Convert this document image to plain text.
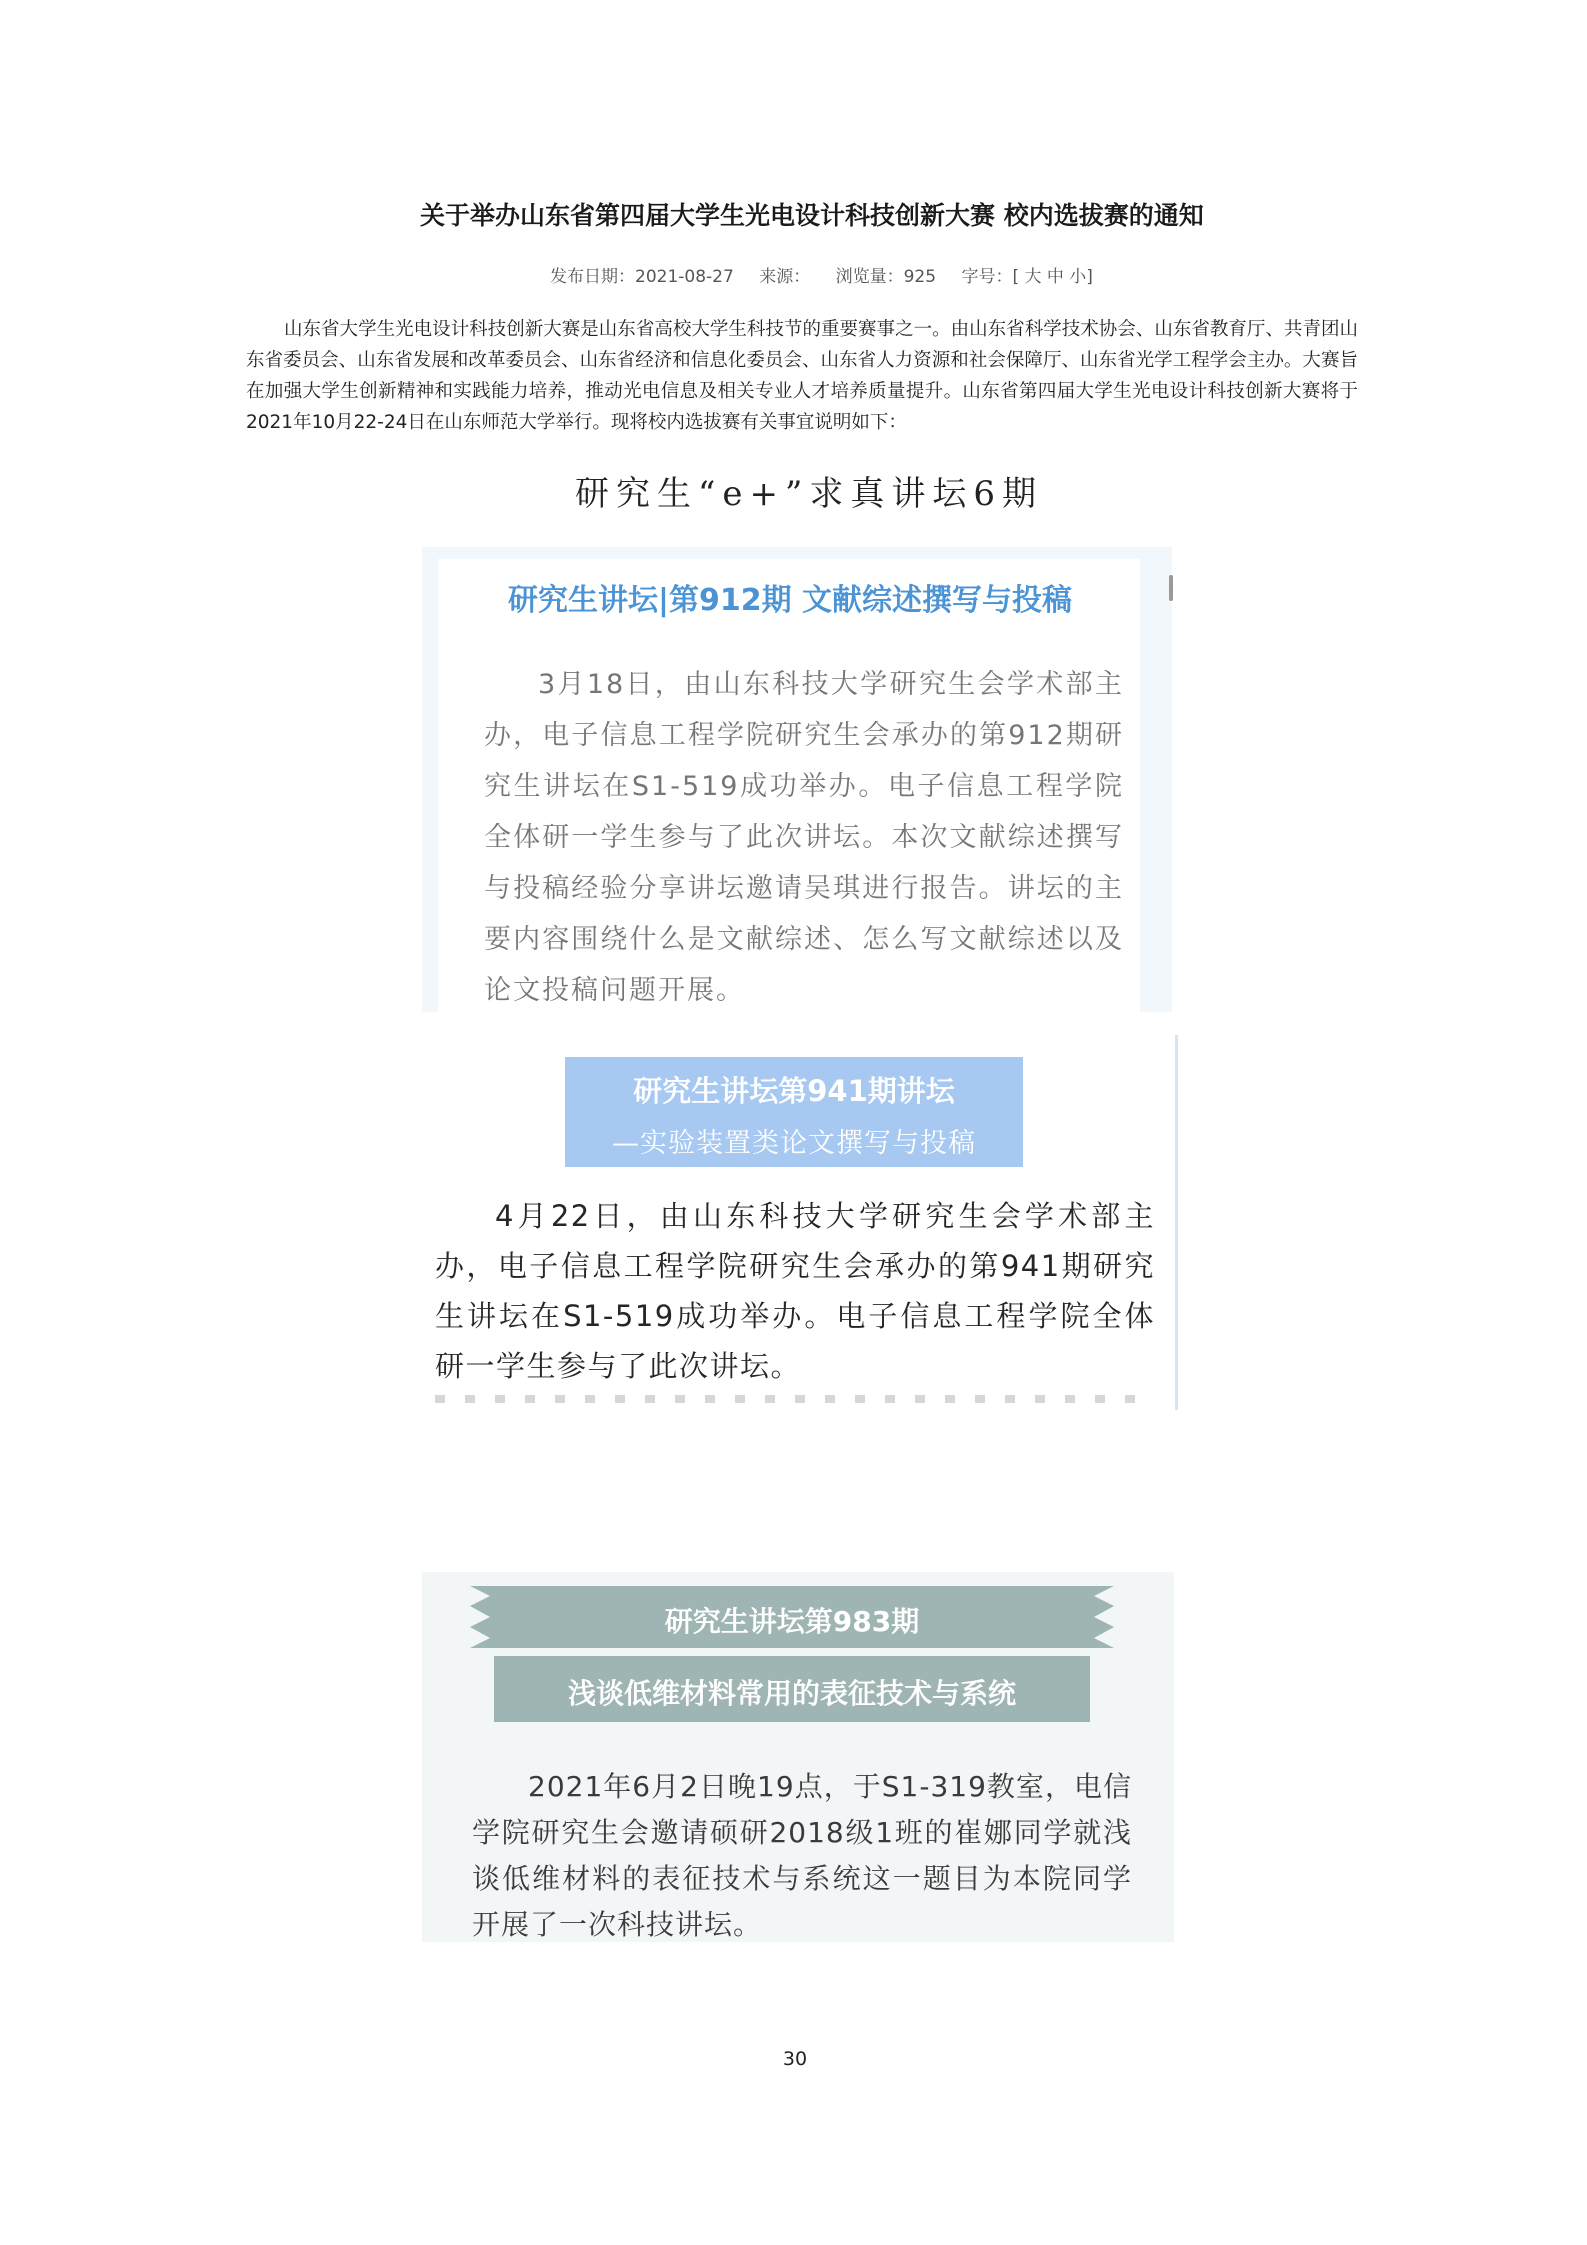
关于举办山东省第四届大学生光电设计科技创新大赛 校内选拔赛的通知
发布日期：2021-08-27 来源： 浏览量：925 字号：[ 大 中 小]
山东省大学生光电设计科技创新大赛是山东省高校大学生科技节的重要赛事之一。由山东省科学技术协会、山东省教育厅、共青团山东省委员会、山东省发展和改革委员会、山东省经济和信息化委员会、山东省人力资源和社会保障厅、山东省光学工程学会主办。大赛旨在加强大学生创新精神和实践能力培养，推动光电信息及相关专业人才培养质量提升。山东省第四届大学生光电设计科技创新大赛将于2021年10月22-24日在山东师范大学举行。现将校内选拔赛有关事宜说明如下：
研究生“e+”求真讲坛6期
研究生讲坛|第912期 文献综述撰写与投稿
3月18日，由山东科技大学研究生会学术部主办，电子信息工程学院研究生会承办的第912期研究生讲坛在S1-519成功举办。电子信息工程学院全体研一学生参与了此次讲坛。本次文献综述撰写与投稿经验分享讲坛邀请吴琪进行报告。讲坛的主要内容围绕什么是文献综述、怎么写文献综述以及论文投稿问题开展。
研究生讲坛第941期讲坛
—实验装置类论文撰写与投稿
4月22日，由山东科技大学研究生会学术部主办，电子信息工程学院研究生会承办的第941期研究生讲坛在S1-519成功举办。电子信息工程学院全体研一学生参与了此次讲坛。
研究生讲坛第983期
浅谈低维材料常用的表征技术与系统
2021年6月2日晚19点，于S1-319教室，电信学院研究生会邀请硕研2018级1班的崔娜同学就浅谈低维材料的表征技术与系统这一题目为本院同学开展了一次科技讲坛。
30
